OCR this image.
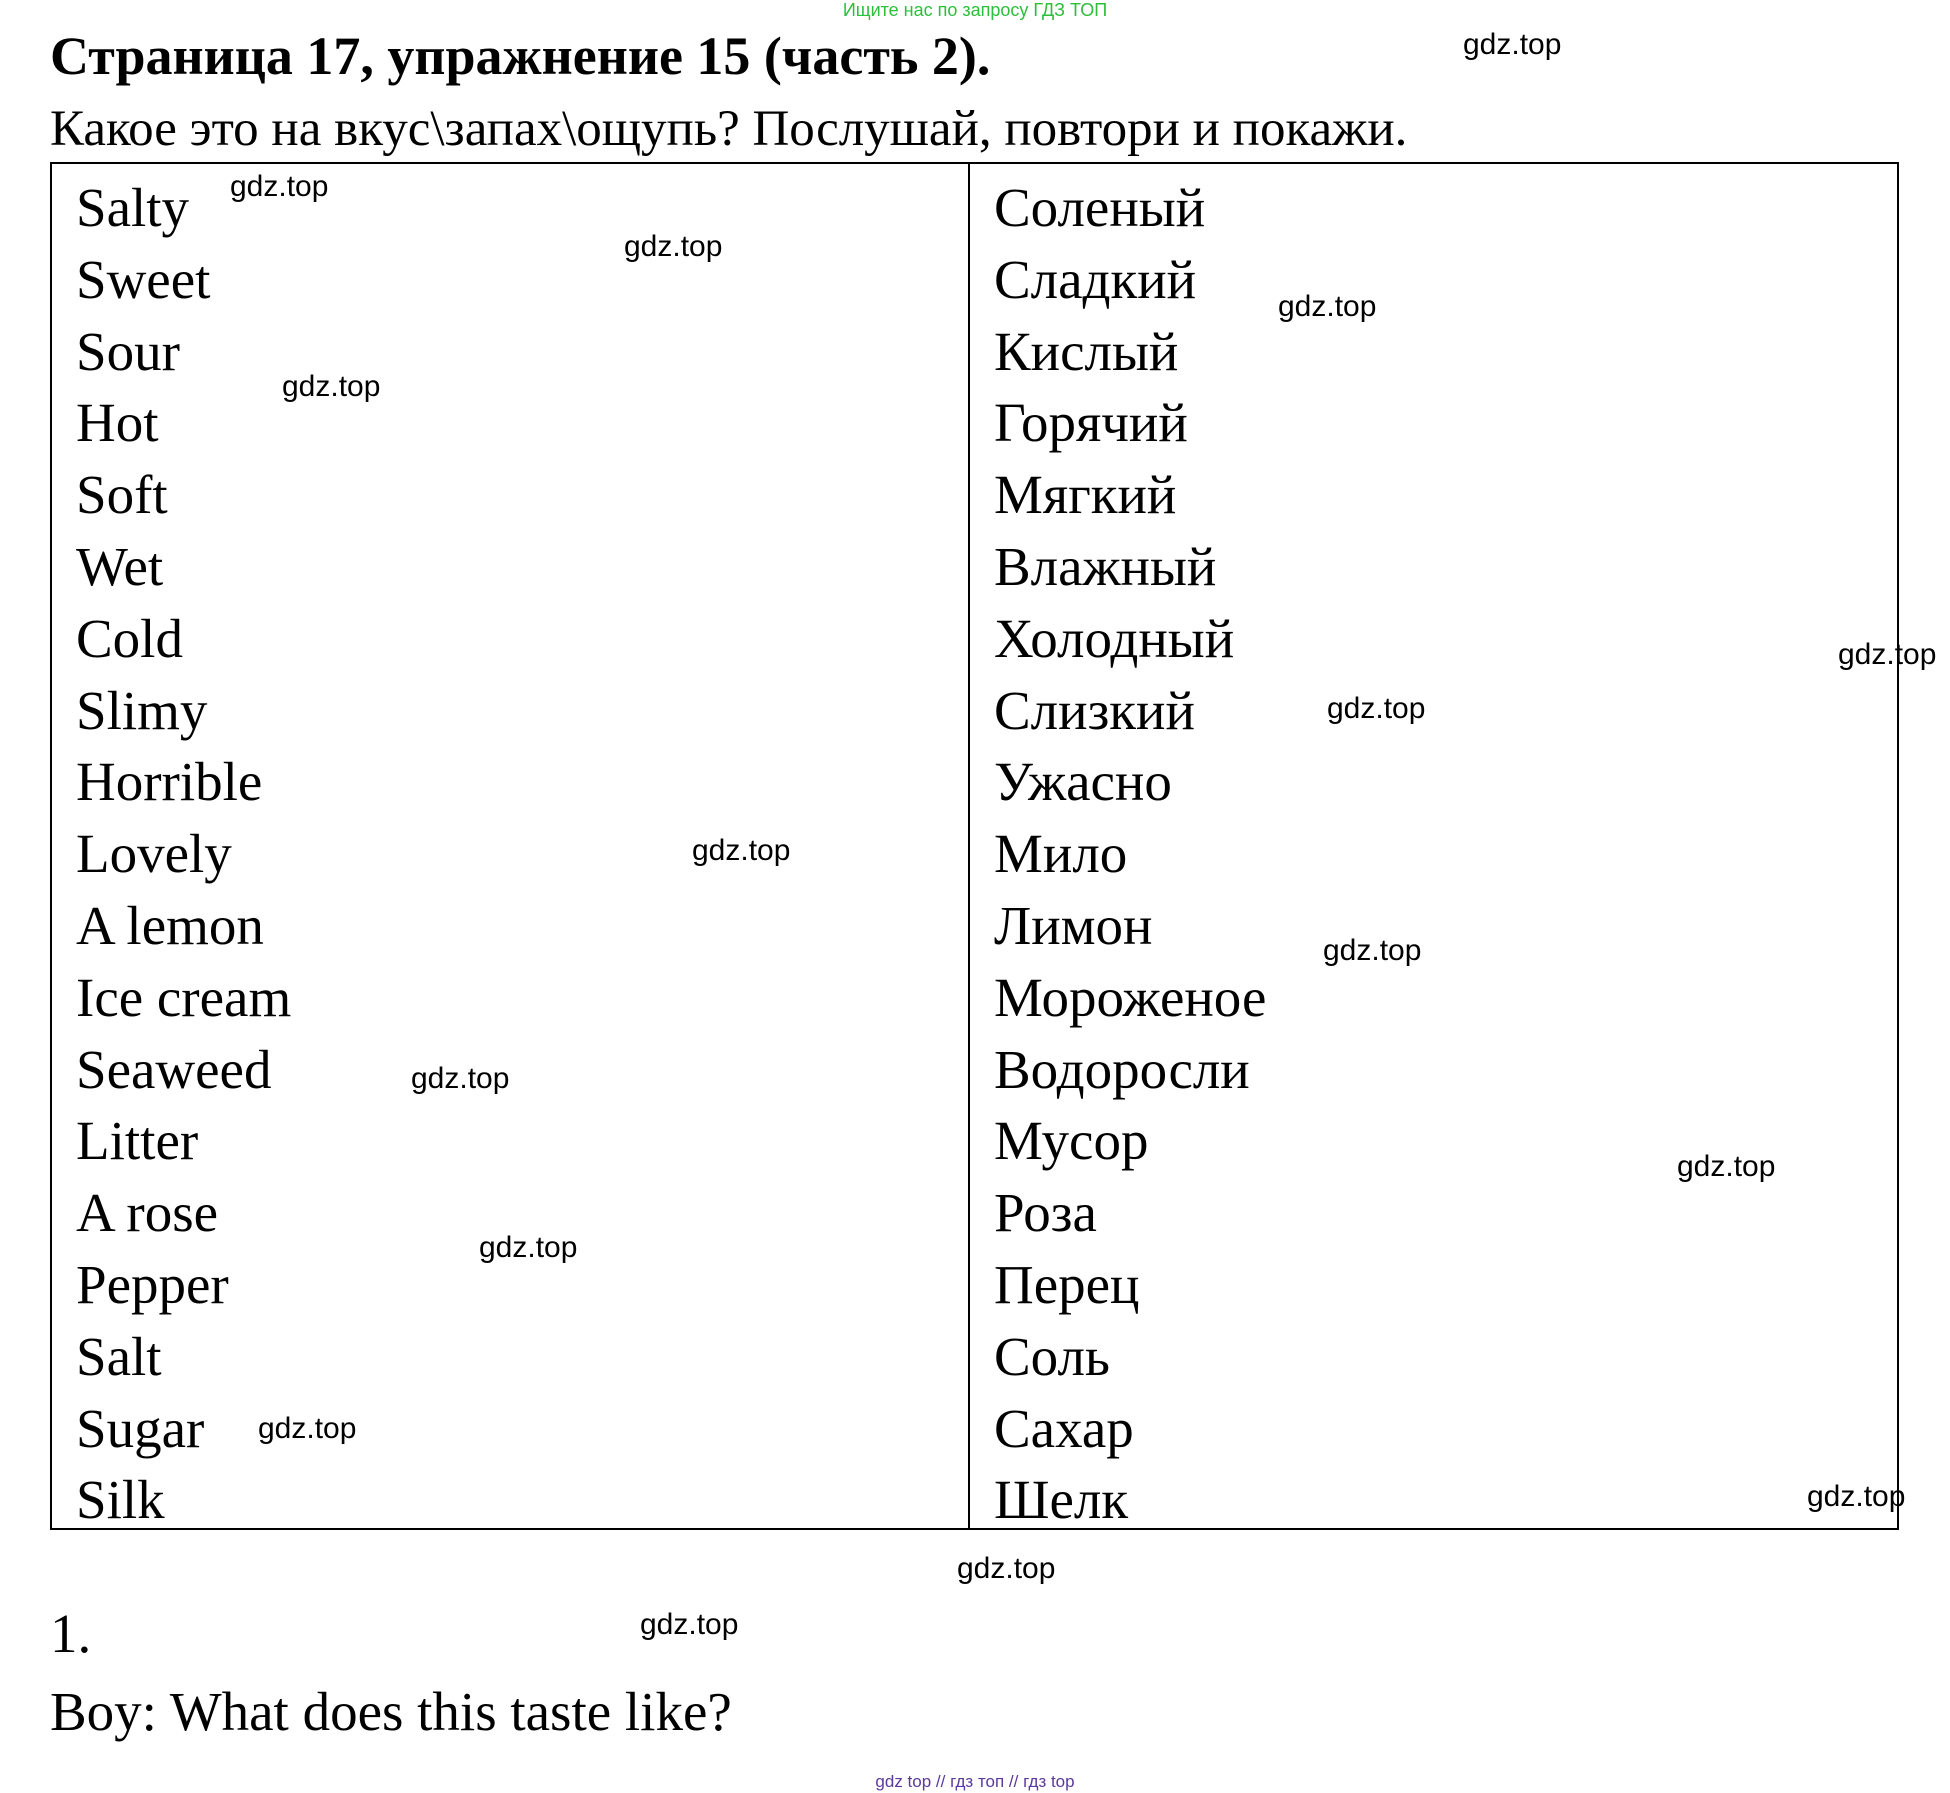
Ищите нас по запросу ГДЗ ТОП
Страница 17, упражнение 15 (часть 2).
Какое это на вкус\запах\ощупь? Послушай, повтори и покажи.
Salty
Sweet
Sour
Hot
Soft
Wet
Cold
Slimy
Horrible
Lovely
A lemon
Ice cream
Seaweed
Litter
A rose
Pepper
Salt
Sugar
Silk
Соленый
Сладкий
Кислый
Горячий
Мягкий
Влажный
Холодный
Слизкий
Ужасно
Мило
Лимон
Мороженое
Водоросли
Мусор
Роза
Перец
Соль
Сахар
Шелк
1.
Boy: What does this taste like?
gdz.top
gdz.top
gdz.top
gdz.top
gdz.top
gdz.top
gdz.top
gdz.top
gdz.top
gdz.top
gdz.top
gdz.top
gdz.top
gdz.top
gdz.top
gdz.top
gdz top // гдз топ // гдз top
